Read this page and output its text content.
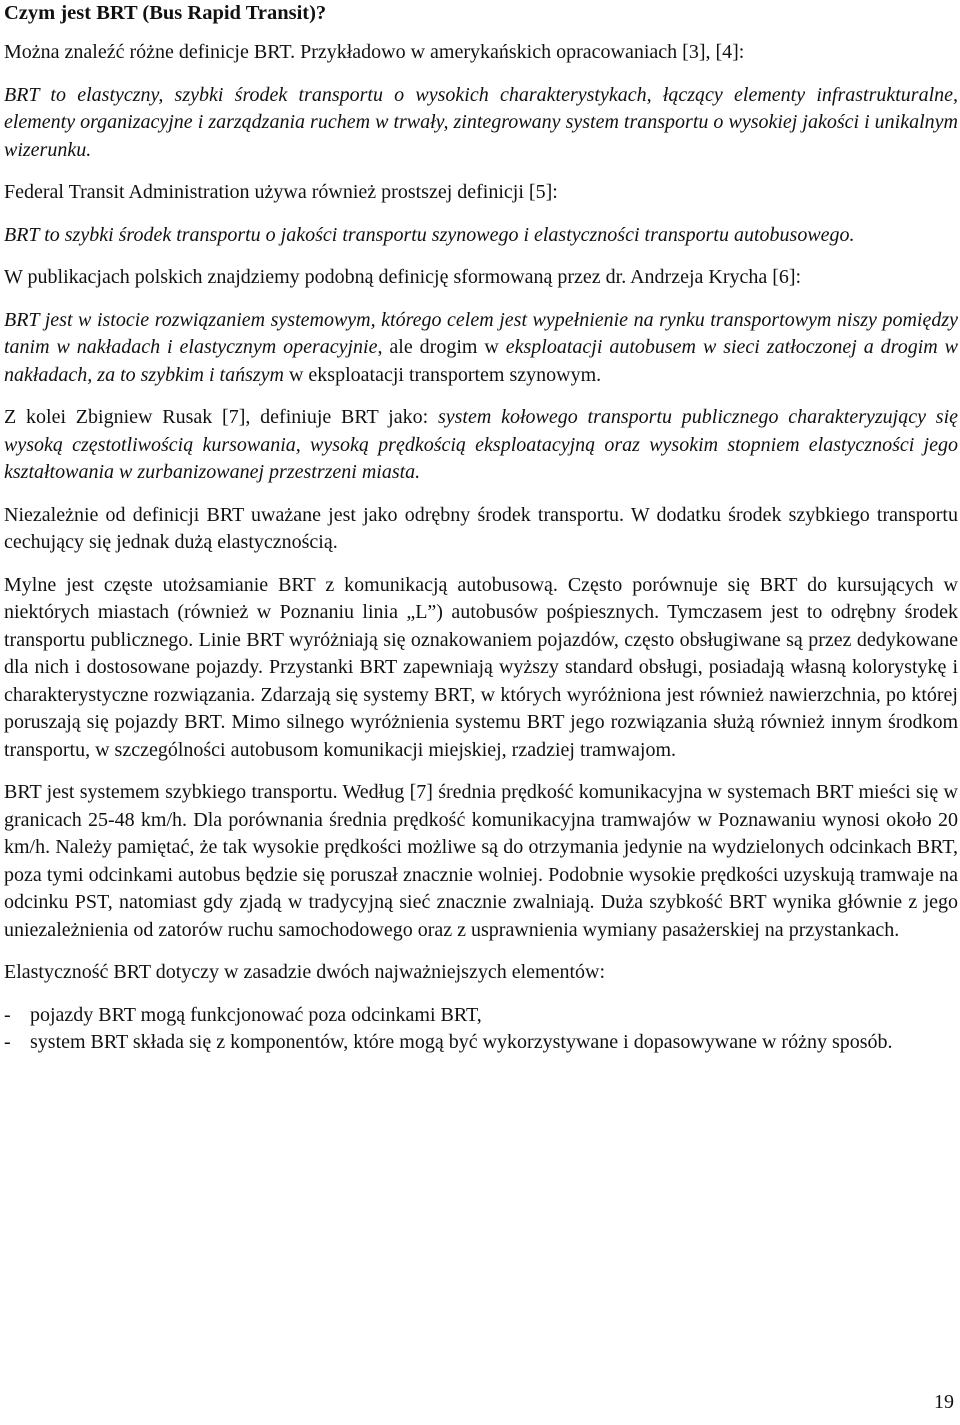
Czym jest BRT (Bus Rapid Transit)?

Można znaleźć różne definicje BRT. Przykładowo w amerykańskich opracowaniach [3], [4]:

BRT to elastyczny, szybki środek transportu o wysokich charakterystykach, łączący elementy infrastrukturalne, elementy organizacyjne i zarządzania ruchem w trwały, zintegrowany system transportu o wysokiej jakości i unikalnym wizerunku.

Federal Transit Administration używa również prostszej definicji [5]:

BRT to szybki środek transportu o jakości transportu szynowego i elastyczności transportu autobusowego.

W publikacjach polskich znajdziemy podobną definicję sformowaną przez dr. Andrzeja Krycha [6]:

BRT jest w istocie rozwiązaniem systemowym, którego celem jest wypełnienie na rynku transportowym niszy pomiędzy tanim w nakładach i elastycznym operacyjnie, ale drogim w eksploatacji autobusem w sieci zatłoczonej a drogim w nakładach, za to szybkim i tańszym w eksploatacji transportem szynowym.

Z kolei Zbigniew Rusak [7], definiuje BRT jako: system kołowego transportu publicznego charakteryzujący się wysoką częstotliwością kursowania, wysoką prędkością eksploatacyjną oraz wysokim stopniem elastyczności jego kształtowania w zurbanizowanej przestrzeni miasta.

Niezależnie od definicji BRT uważane jest jako odrębny środek transportu. W dodatku środek szybkiego transportu cechujący się jednak dużą elastycznością.

Mylne jest częste utożsamianie BRT z komunikacją autobusową. Często porównuje się BRT do kursujących w niektórych miastach (również w Poznaniu linia „L”) autobusów pośpiesznych. Tymczasem jest to odrębny środek transportu publicznego. Linie BRT wyróżniają się oznakowaniem pojazdów, często obsługiwane są przez dedykowane dla nich i dostosowane pojazdy. Przystanki BRT zapewniają wyższy standard obsługi, posiadają własną kolorystykę i charakterystyczne rozwiązania. Zdarzają się systemy BRT, w których wyróżniona jest również nawierzchnia, po której poruszają się pojazdy BRT. Mimo silnego wyróżnienia systemu BRT jego rozwiązania służą również innym środkom transportu, w szczególności autobusom komunikacji miejskiej, rzadziej tramwajom.

BRT jest systemem szybkiego transportu. Według [7] średnia prędkość komunikacyjna w systemach BRT mieści się w granicach 25-48 km/h. Dla porównania średnia prędkość komunikacyjna tramwajów w Poznawaniu wynosi około 20 km/h. Należy pamiętać, że tak wysokie prędkości możliwe są do otrzymania jedynie na wydzielonych odcinkach BRT, poza tymi odcinkami autobus będzie się poruszał znacznie wolniej. Podobnie wysokie prędkości uzyskują tramwaje na odcinku PST, natomiast gdy zjadą w tradycyjną sieć znacznie zwalniają. Duża szybkość BRT wynika głównie z jego uniezależnienia od zatorów ruchu samochodowego oraz z usprawnienia wymiany pasażerskiej na przystankach.

Elastyczność BRT dotyczy w zasadzie dwóch najważniejszych elementów:

- pojazdy BRT mogą funkcjonować poza odcinkami BRT,
- system BRT składa się z komponentów, które mogą być wykorzystywane i dopasowywane w różny sposób.
19
